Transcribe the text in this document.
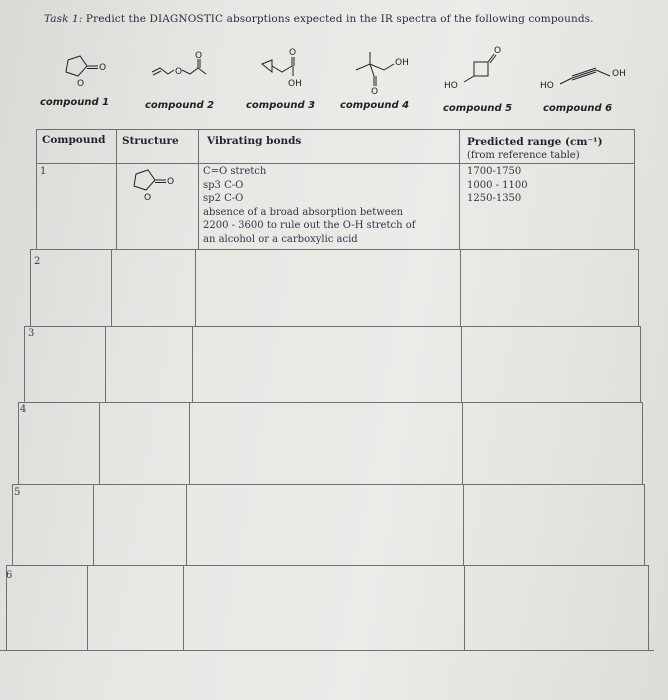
Task 1: Predict the DIAGNOSTIC absorptions expected in the IR spectra of the following compounds.
O
O
compound 1
O
O
compound 2
O
OH
compound 3
OH
O
compound 4
HO
O
compound 5
HO
OH
compound 6
Compound Structure	Vibrating bonds	Predicted range (cm⁻¹)
(from reference table)
1
O
O
C=O stretch
sp3 C-O
sp2 C-O
absence of a broad absorption between
2200 - 3600 to rule out the O-H stretch of
an alcohol or a carboxylic acid
1700-1750
1000 - 1100
1250-1350
2
3
4
5
6
